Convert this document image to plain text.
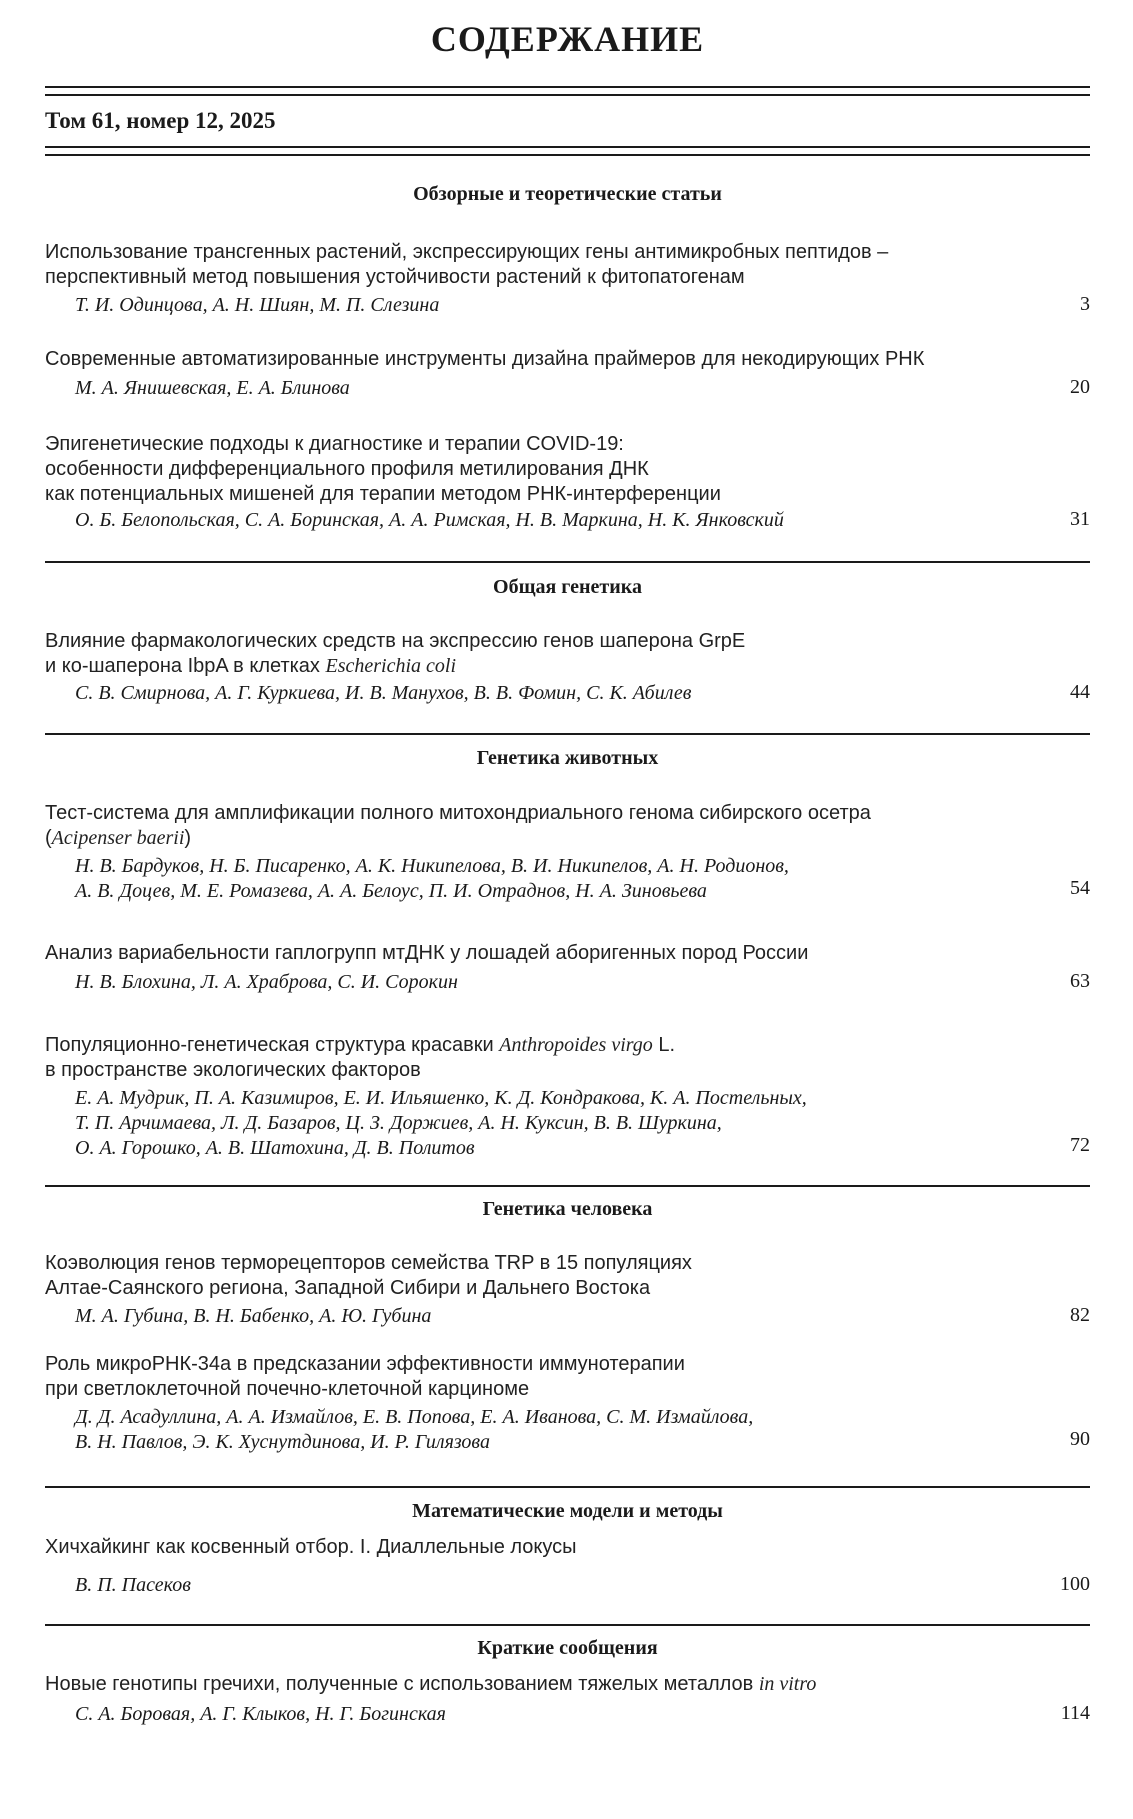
СОДЕРЖАНИЕ
Том 61, номер 12, 2025
Обзорные и теоретические статьи
Использование трансгенных растений, экспрессирующих гены антимикробных пептидов –
перспективный метод повышения устойчивости растений к фитопатогенам
Т. И. Одинцова, А. Н. Шиян, М. П. Слезина	3
Современные автоматизированные инструменты дизайна праймеров для некодирующих РНК
М. А. Янишевская, Е. А. Блинова	20
Эпигенетические подходы к диагностике и терапии COVID-19:
особенности дифференциального профиля метилирования ДНК
как потенциальных мишеней для терапии методом РНК-интерференции
О. Б. Белопольская, С. А. Боринская, А. А. Римская, Н. В. Маркина, Н. К. Янковский	31
Общая генетика
Влияние фармакологических средств на экспрессию генов шаперона GrpE
и ко-шаперона IbpA в клетках Escherichia coli
С. В. Смирнова, А. Г. Куркиева, И. В. Манухов, В. В. Фомин, С. К. Абилев	44
Генетика животных
Тест-система для амплификации полного митохондриального генома сибирского осетра
(Acipenser baerii)
Н. В. Бардуков, Н. Б. Писаренко, А. К. Никипелова, В. И. Никипелов, А. Н. Родионов,
А. В. Доцев, М. Е. Ромазева, А. А. Белоус, П. И. Отраднов, Н. А. Зиновьева	54
Анализ вариабельности гаплогрупп мтДНК у лошадей аборигенных пород России
Н. В. Блохина, Л. А. Храброва, С. И. Сорокин	63
Популяционно-генетическая структура красавки Anthropoides virgo L.
в пространстве экологических факторов
Е. А. Мудрик, П. А. Казимиров, Е. И. Ильяшенко, К. Д. Кондракова, К. А. Постельных,
Т. П. Арчимаева, Л. Д. Базаров, Ц. З. Доржиев, А. Н. Куксин, В. В. Шуркина,
О. А. Горошко, А. В. Шатохина, Д. В. Политов	72
Генетика человека
Коэволюция генов терморецепторов семейства TRP в 15 популяциях
Алтае-Саянского региона, Западной Сибири и Дальнего Востока
М. А. Губина, В. Н. Бабенко, А. Ю. Губина	82
Роль микроРНК-34a в предсказании эффективности иммунотерапии
при светлоклеточной почечно-клеточной карциноме
Д. Д. Асадуллина, А. А. Измайлов, Е. В. Попова, Е. А. Иванова, С. М. Измайлова,
В. Н. Павлов, Э. К. Хуснутдинова, И. Р. Гилязова	90
Математические модели и методы
Хичхайкинг как косвенный отбор. I. Диаллельные локусы
В. П. Пасеков	100
Краткие сообщения
Новые генотипы гречихи, полученные с использованием тяжелых металлов in vitro
С. А. Боровая, А. Г. Клыков, Н. Г. Богинская	114
